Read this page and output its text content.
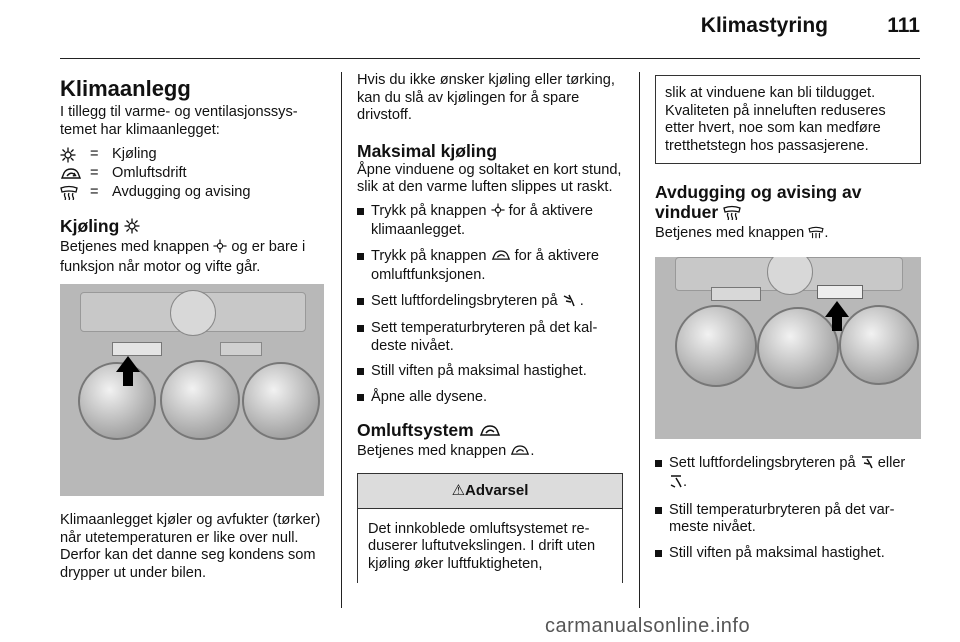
Klimastyring	111
Klimaanlegg

I tillegg til varme- og ventilasjonssystemet har klimaanlegget:

= Kjøling
= Omluftsdrift
= Avdugging og avising
Kjøling

Betjenes med knappen og er bare i funksjon når motor og vifte går.

Klimaanlegget kjøler og avfukter (tørker) når utetemperaturen er like over null. Derfor kan det danne seg kondens som drypper ut under bilen.

Hvis du ikke ønsker kjøling eller tørking, kan du slå av kjølingen for å spare drivstoff.

Maksimal kjøling

Åpne vinduene og soltaket en kort stund, slik at den varme luften slippes ut raskt.

Trykk på knappen for å aktivere klimaanlegget.
Trykk på knappen for å aktivere omluftfunksjonen.
Sett luftfordelingsbryteren på .
Sett temperaturbryteren på det kaldeste nivået.
Still viften på maksimal hastighet.
Åpne alle dysene.
Omluftsystem

Betjenes med knappen .

⚠Advarsel
Det innkoblede omluftsystemet reduserer luftutvekslingen. I drift uten kjøling øker luftfuktigheten,
slik at vinduene kan bli tildugget. Kvaliteten på inneluften reduseres etter hvert, noe som kan medføre tretthetstegn hos passasjerene.
Avdugging og avising av vinduer

Betjenes med knappen .

Sett luftfordelingsbryteren på eller .
Still temperaturbryteren på det varmeste nivået.
Still viften på maksimal hastighet.
carmanualsonline.info
